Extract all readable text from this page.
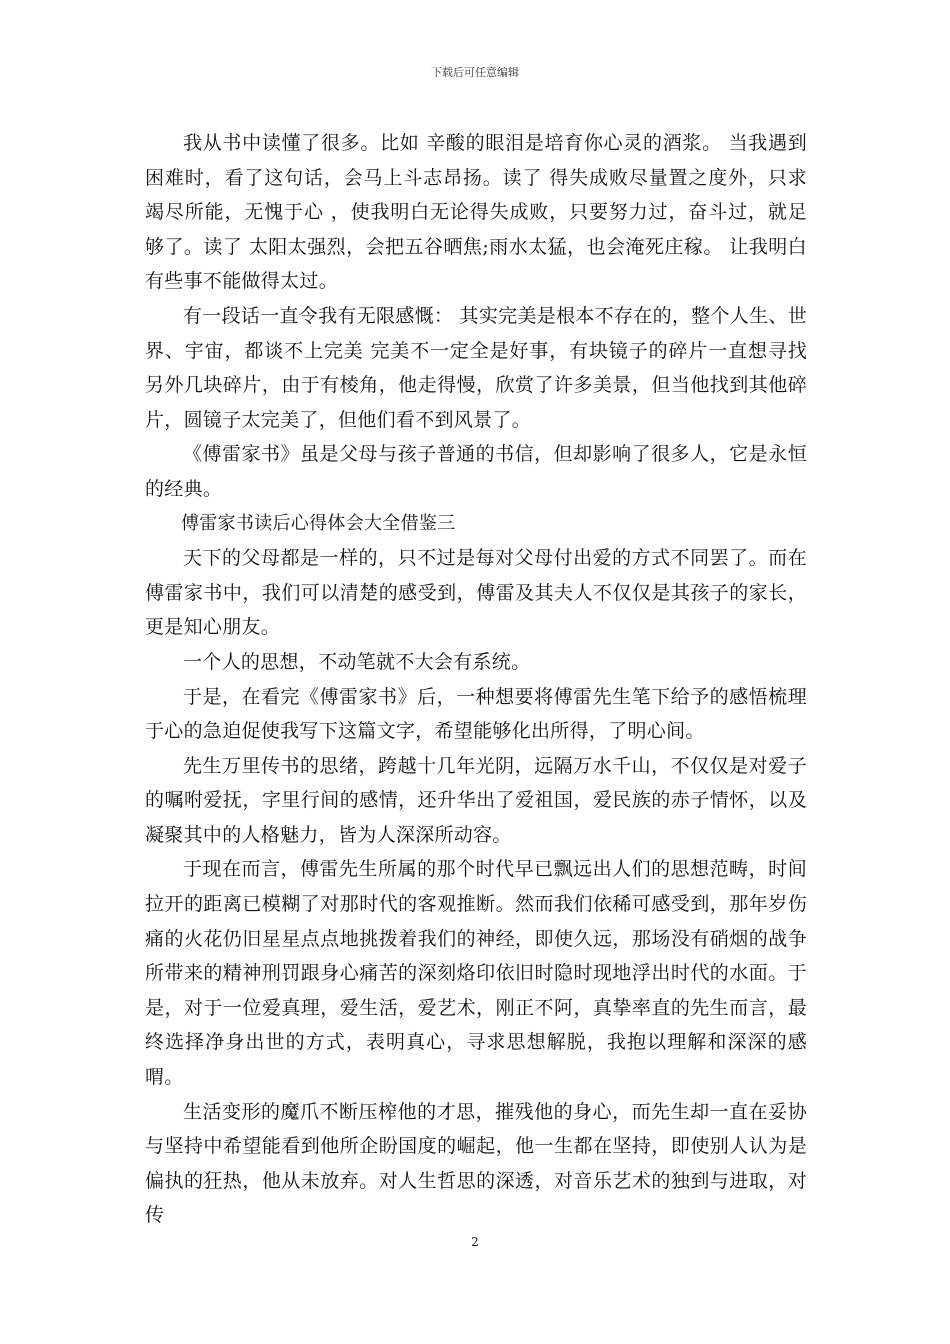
下载后可任意编辑

我从书中读懂了很多。比如 辛酸的眼泪是培育你心灵的酒浆。 当我遇到困难时，看了这句话，会马上斗志昂扬。读了 得失成败尽量置之度外，只求竭尽所能，无愧于心 ，使我明白无论得失成败，只要努力过，奋斗过，就足够了。读了 太阳太强烈，会把五谷晒焦;雨水太猛，也会淹死庄稼。 让我明白有些事不能做得太过。

有一段话一直令我有无限感慨： 其实完美是根本不存在的，整个人生、世界、宇宙，都谈不上完美 完美不一定全是好事，有块镜子的碎片一直想寻找另外几块碎片，由于有棱角，他走得慢，欣赏了许多美景，但当他找到其他碎片，圆镜子太完美了，但他们看不到风景了。

《傅雷家书》虽是父母与孩子普通的书信，但却影响了很多人，它是永恒的经典。

傅雷家书读后心得体会大全借鉴三

天下的父母都是一样的，只不过是每对父母付出爱的方式不同罢了。而在傅雷家书中，我们可以清楚的感受到，傅雷及其夫人不仅仅是其孩子的家长，更是知心朋友。

一个人的思想，不动笔就不大会有系统。

于是，在看完《傅雷家书》后，一种想要将傅雷先生笔下给予的感悟梳理于心的急迫促使我写下这篇文字，希望能够化出所得，了明心间。

先生万里传书的思绪，跨越十几年光阴，远隔万水千山，不仅仅是对爱子的嘱咐爱抚，字里行间的感情，还升华出了爱祖国，爱民族的赤子情怀，以及凝聚其中的人格魅力，皆为人深深所动容。

于现在而言，傅雷先生所属的那个时代早已飘远出人们的思想范畴，时间拉开的距离已模糊了对那时代的客观推断。然而我们依稀可感受到，那年岁伤痛的火花仍旧星星点点地挑拨着我们的神经，即使久远，那场没有硝烟的战争所带来的精神刑罚跟身心痛苦的深刻烙印依旧时隐时现地浮出时代的水面。于是，对于一位爱真理，爱生活，爱艺术，刚正不阿，真挚率直的先生而言，最终选择净身出世的方式，表明真心，寻求思想解脱，我抱以理解和深深的感喟。

生活变形的魔爪不断压榨他的才思，摧残他的身心，而先生却一直在妥协与坚持中希望能看到他所企盼国度的崛起，他一生都在坚持，即使别人认为是偏执的狂热，他从未放弃。对人生哲思的深透，对音乐艺术的独到与进取，对传

2
